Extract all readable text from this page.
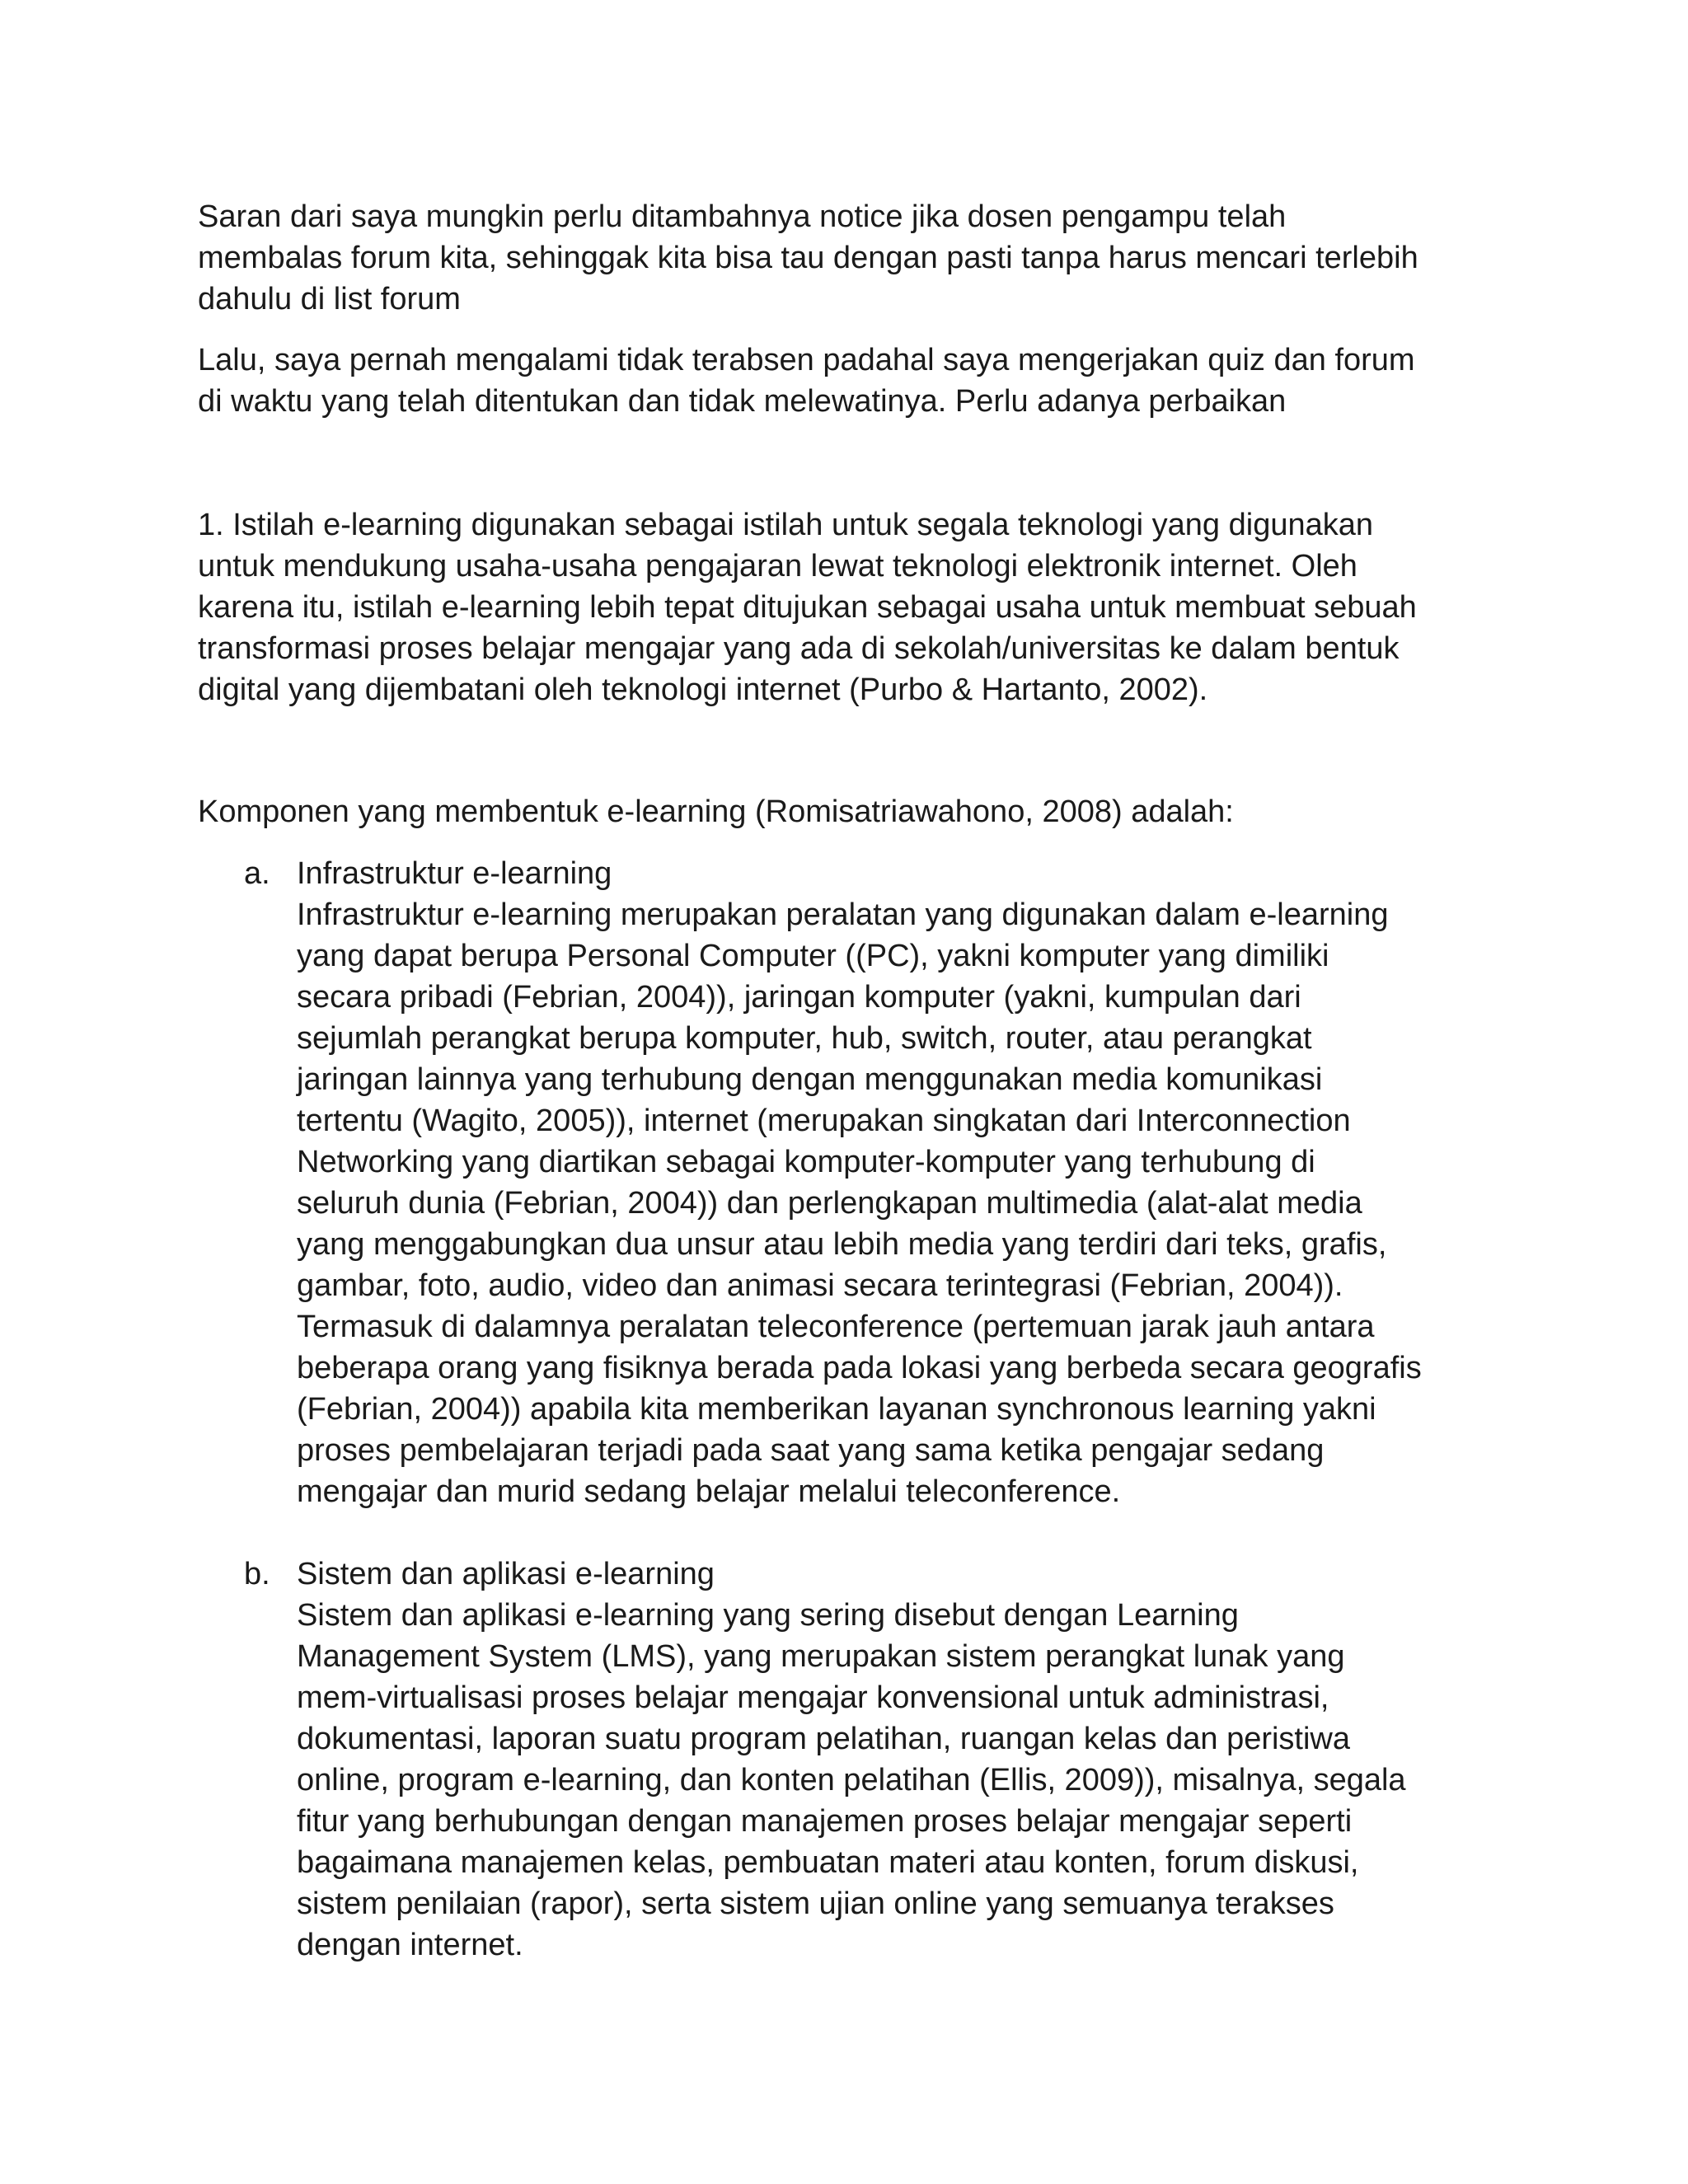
Saran dari saya mungkin perlu ditambahnya notice jika dosen pengampu telah
membalas forum kita, sehinggak kita bisa tau dengan pasti tanpa harus mencari terlebih
dahulu di list forum
Lalu, saya pernah mengalami tidak terabsen padahal saya mengerjakan quiz dan forum
di waktu yang telah ditentukan dan tidak melewatinya. Perlu adanya perbaikan
1. Istilah e-learning digunakan sebagai istilah untuk segala teknologi yang digunakan
untuk mendukung usaha-usaha pengajaran lewat teknologi elektronik internet. Oleh
karena itu, istilah e-learning lebih tepat ditujukan sebagai usaha untuk membuat sebuah
transformasi proses belajar mengajar yang ada di sekolah/universitas ke dalam bentuk
digital yang dijembatani oleh teknologi internet (Purbo & Hartanto, 2002).
Komponen yang membentuk e-learning (Romisatriawahono, 2008) adalah:
a. Infrastruktur e-learning
Infrastruktur e-learning merupakan peralatan yang digunakan dalam e-learning
yang dapat berupa Personal Computer ((PC), yakni komputer yang dimiliki
secara pribadi (Febrian, 2004)), jaringan komputer (yakni, kumpulan dari
sejumlah perangkat berupa komputer, hub, switch, router, atau perangkat
jaringan lainnya yang terhubung dengan menggunakan media komunikasi
tertentu (Wagito, 2005)), internet (merupakan singkatan dari Interconnection
Networking yang diartikan sebagai komputer-komputer yang terhubung di
seluruh dunia (Febrian, 2004)) dan perlengkapan multimedia (alat-alat media
yang menggabungkan dua unsur atau lebih media yang terdiri dari teks, grafis,
gambar, foto, audio, video dan animasi secara terintegrasi (Febrian, 2004)).
Termasuk di dalamnya peralatan teleconference (pertemuan jarak jauh antara
beberapa orang yang fisiknya berada pada lokasi yang berbeda secara geografis
(Febrian, 2004)) apabila kita memberikan layanan synchronous learning yakni
proses pembelajaran terjadi pada saat yang sama ketika pengajar sedang
mengajar dan murid sedang belajar melalui teleconference.
b. Sistem dan aplikasi e-learning
Sistem dan aplikasi e-learning yang sering disebut dengan Learning
Management System (LMS), yang merupakan sistem perangkat lunak yang
mem-virtualisasi proses belajar mengajar konvensional untuk administrasi,
dokumentasi, laporan suatu program pelatihan, ruangan kelas dan peristiwa
online, program e-learning, dan konten pelatihan (Ellis, 2009)), misalnya, segala
fitur yang berhubungan dengan manajemen proses belajar mengajar seperti
bagaimana manajemen kelas, pembuatan materi atau konten, forum diskusi,
sistem penilaian (rapor), serta sistem ujian online yang semuanya terakses
dengan internet.
